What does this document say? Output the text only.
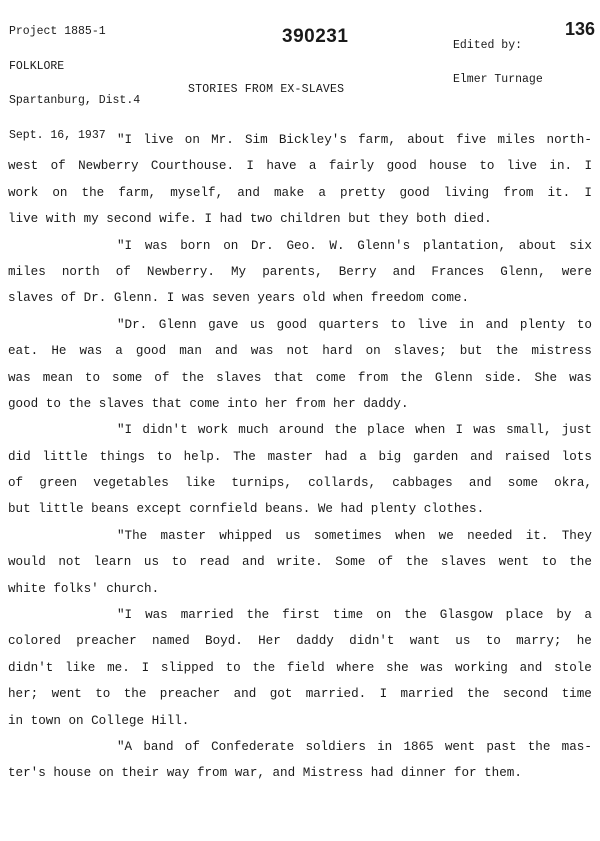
Project 1885-1

FOLKLORE

Spartanburg, Dist.4

Sept. 16, 1937

390231

	Edited by:

Elmer Turnage

136
STORIES FROM EX-SLAVES
"I live on Mr. Sim Bickley's farm, about five miles north-
west of Newberry Courthouse. I have a fairly good house to live in. I
work on the farm, myself, and make a pretty good living from it. I
live with my second wife. I had two children but they both died.
"I was born on Dr. Geo. W. Glenn's plantation, about six
miles north of Newberry. My parents, Berry and Frances Glenn, were
slaves of Dr. Glenn. I was seven years old when freedom come.
"Dr. Glenn gave us good quarters to live in and plenty to
eat. He was a good man and was not hard on slaves; but the mistress
was mean to some of the slaves that come from the Glenn side. She was
good to the slaves that come into her from her daddy.
"I didn't work much around the place when I was small, just
did little things to help. The master had a big garden and raised lots
of green vegetables like turnips, collards, cabbages and some okra,
but little beans except cornfield beans. We had plenty clothes.
"The master whipped us sometimes when we needed it. They
would not learn us to read and write. Some of the slaves went to the
white folks' church.
"I was married the first time on the Glasgow place by a
colored preacher named Boyd. Her daddy didn't want us to marry; he
didn't like me. I slipped to the field where she was working and stole
her; went to the preacher and got married. I married the second time
in town on College Hill.
"A band of Confederate soldiers in 1865 went past the mas-
ter's house on their way from war, and Mistress had dinner for them.
